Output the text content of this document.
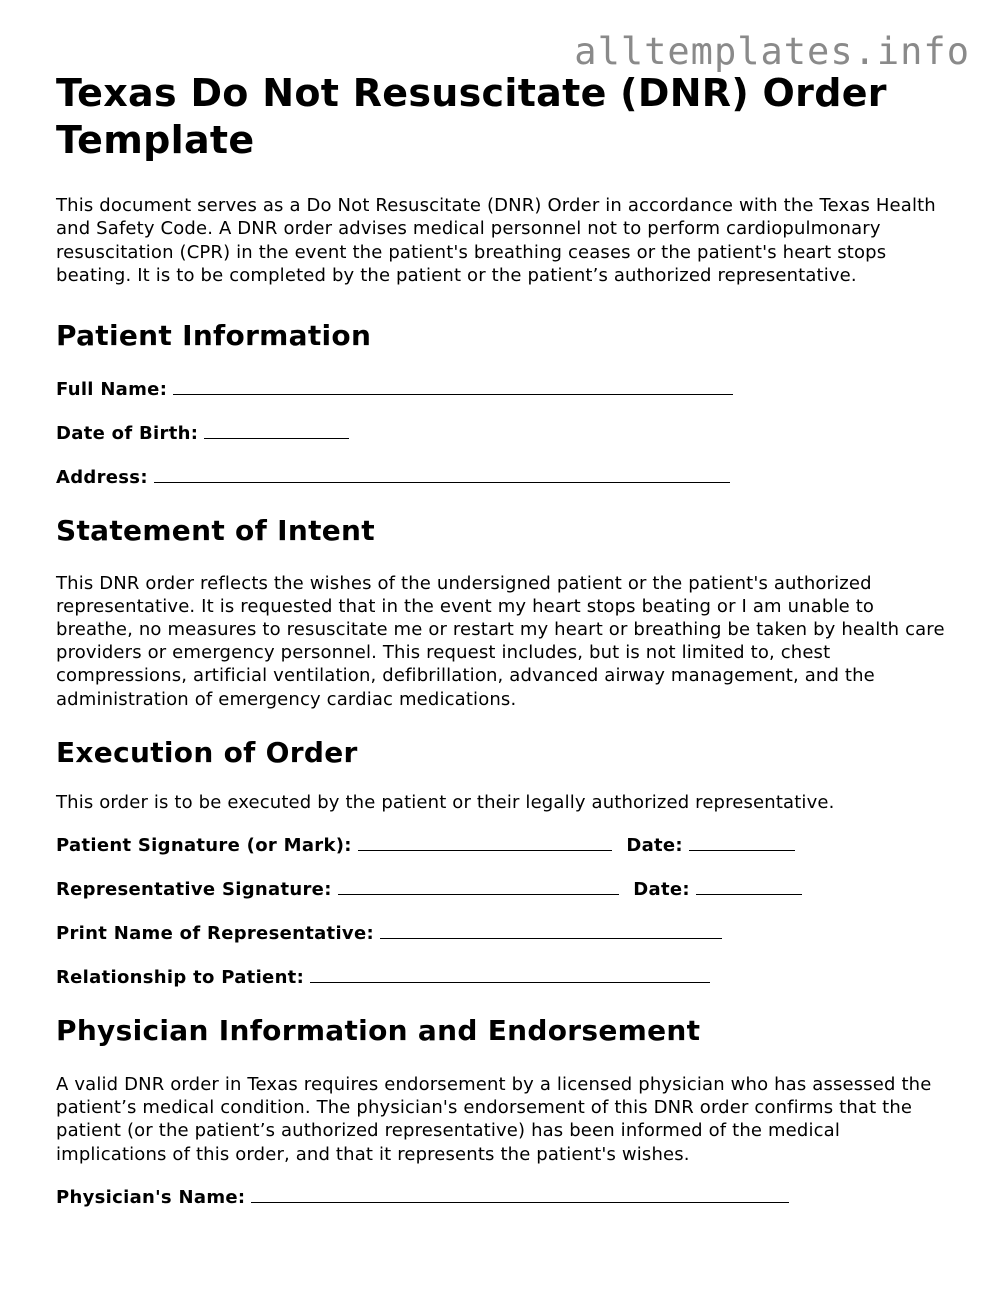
alltemplates.info
Texas Do Not Resuscitate (DNR) Order Template

This document serves as a Do Not Resuscitate (DNR) Order in accordance with the Texas Health and Safety Code. A DNR order advises medical personnel not to perform cardiopulmonary resuscitation (CPR) in the event the patient's breathing ceases or the patient's heart stops beating. It is to be completed by the patient or the patient’s authorized representative.

Patient Information

Full Name:

Date of Birth:

Address:

Statement of Intent

This DNR order reflects the wishes of the undersigned patient or the patient's authorized representative. It is requested that in the event my heart stops beating or I am unable to breathe, no measures to resuscitate me or restart my heart or breathing be taken by health care providers or emergency personnel. This request includes, but is not limited to, chest compressions, artificial ventilation, defibrillation, advanced airway management, and the administration of emergency cardiac medications.

Execution of Order

This order is to be executed by the patient or their legally authorized representative.

Patient Signature (or Mark):	Date:

Representative Signature:	Date:

Print Name of Representative:

Relationship to Patient:

Physician Information and Endorsement

A valid DNR order in Texas requires endorsement by a licensed physician who has assessed the patient’s medical condition. The physician's endorsement of this DNR order confirms that the patient (or the patient’s authorized representative) has been informed of the medical implications of this order, and that it represents the patient's wishes.

Physician's Name:
